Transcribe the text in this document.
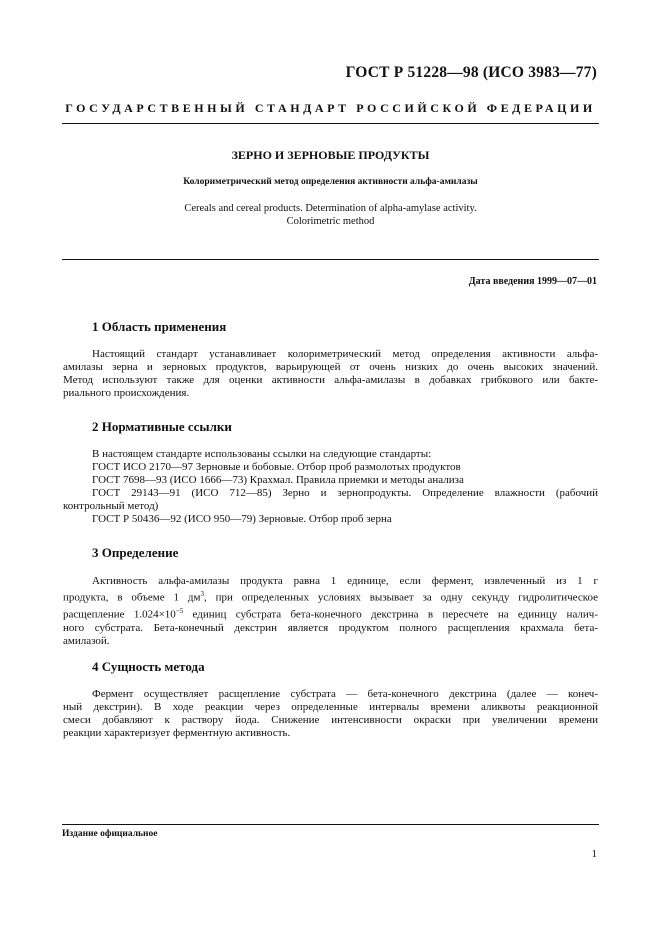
ГОСТ Р 51228—98 (ИСО 3983—77)
ГОСУДАРСТВЕННЫЙ СТАНДАРТ РОССИЙСКОЙ ФЕДЕРАЦИИ
ЗЕРНО И ЗЕРНОВЫЕ ПРОДУКТЫ
Колориметрический метод определения активности альфа-амилазы
Cereals and cereal products. Determination of alpha-amylase activity.
Colorimetric method
Дата введения 1999—07—01
1 Область применения
Настоящий стандарт устанавливает колориметрический метод определения активности альфа-
амилазы зерна и зерновых продуктов, варьирующей от очень низких до очень высоких значений.
Метод используют также для оценки активности альфа-амилазы в добавках грибкового или бакте-
риального происхождения.
2 Нормативные ссылки
В настоящем стандарте использованы ссылки на следующие стандарты:
ГОСТ ИСО 2170—97 Зерновые и бобовые. Отбор проб размолотых продуктов
ГОСТ 7698—93 (ИСО 1666—73) Крахмал. Правила приемки и методы анализа
ГОСТ 29143—91 (ИСО 712—85) Зерно и зернопродукты. Определение влажности (рабочий
контрольный метод)
ГОСТ Р 50436—92 (ИСО 950—79) Зерновые. Отбор проб зерна
3 Определение
Активность альфа-амилазы продукта равна 1 единице, если фермент, извлеченный из 1 г
продукта, в объеме 1 $дм^3$, при определенных условиях вызывает за одну секунду гидролитическое
расщепление $1.024\times 10^{-5}$ единиц субстрата бета-конечного декстрина в пересчете на единицу налич-
ного субстрата. Бета-конечный декстрин является продуктом полного расщепления крахмала бета-
амилазой.
4 Сущность метода
Фермент осуществляет расщепление субстрата — бета-конечного декстрина (далее — конеч-
ный декстрин). В ходе реакции через определенные интервалы времени аликвоты реакционной
смеси добавляют к раствору йода. Снижение интенсивности окраски при увеличении времени
реакции характеризует ферментную активность.
Издание официальное
1
